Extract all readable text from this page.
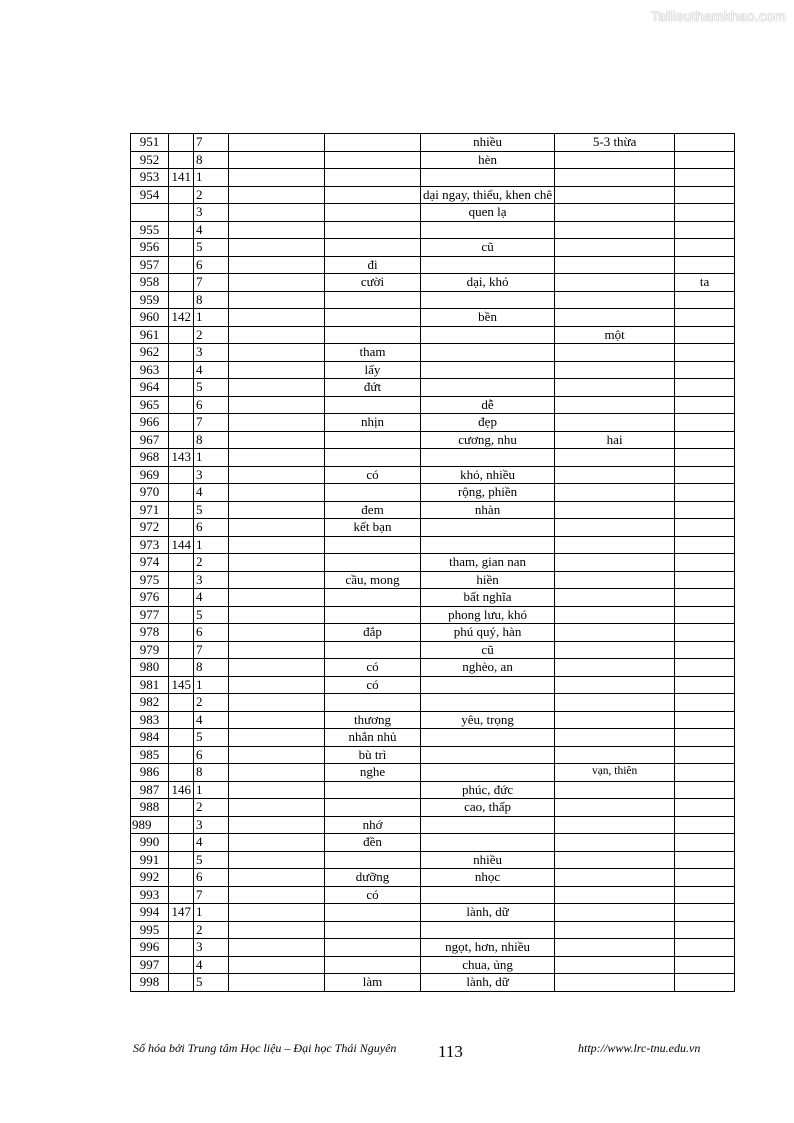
Tailieuthamkhao.com
951		7			nhiều	5-3 thừa	
952		8			hèn		
953	141	1					
954		2			dại ngay, thiểu, khen chê		
		3			quen lạ		
955		4					
956		5			cũ		
957		6		đi			
958		7		cười	dại, khó		ta
959		8					
960	142	1			bền		
961		2				một	
962		3		tham			
963		4		lấy			
964		5		đứt			
965		6			dễ		
966		7		nhịn	đẹp		
967		8			cương, nhu	hai	
968	143	1					
969		3		có	khó, nhiều		
970		4			rộng, phiền		
971		5		đem	nhàn		
972		6		kết bạn			
973	144	1					
974		2			tham, gian nan		
975		3		cầu, mong	hiền		
976		4			bất nghĩa		
977		5			phong lưu, khó		
978		6		đắp	phú quý, hàn		
979		7			cũ		
980		8		có	nghèo, an		
981	145	1		có			
982		2					
983		4		thương	yêu, trọng		
984		5		nhắn nhủ			
985		6		bù trì			
986		8		nghe		vạn, thiên	
987	146	1			phúc, đức		
988		2			cao, thấp		
989		3		nhớ			
990		4		đền			
991		5			nhiều		
992		6		dưỡng	nhọc		
993		7		có			
994	147	1			lành, dữ		
995		2					
996		3			ngọt, hơn, nhiều		
997		4			chua, ủng		
998		5		làm	lành, dữ		
Số hóa bởi Trung tâm Học liệu – Đại học Thái Nguyên 113	http://www.lrc-tnu.edu.vn
